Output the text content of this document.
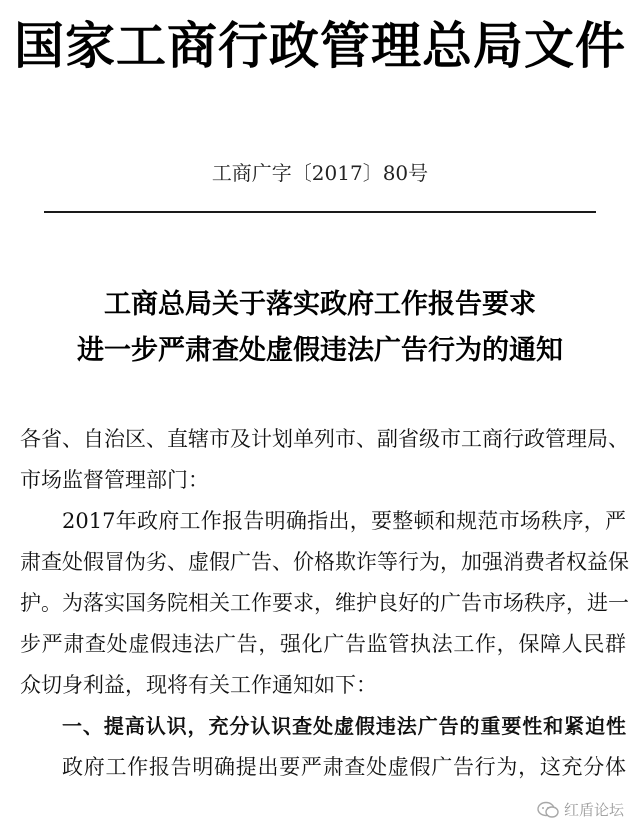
国家工商行政管理总局文件
工商广字〔2017〕80号
工商总局关于落实政府工作报告要求
进一步严肃查处虚假违法广告行为的通知
各省、自治区、直辖市及计划单列市、副省级市工商行政管理局、
市场监督管理部门：
2017年政府工作报告明确指出，要整顿和规范市场秩序，严
肃查处假冒伪劣、虚假广告、价格欺诈等行为，加强消费者权益保
护。为落实国务院相关工作要求，维护良好的广告市场秩序，进一
步严肃查处虚假违法广告，强化广告监管执法工作，保障人民群
众切身利益，现将有关工作通知如下：
一、提高认识，充分认识查处虚假违法广告的重要性和紧迫性
政府工作报告明确提出要严肃查处虚假广告行为，这充分体
红盾论坛
